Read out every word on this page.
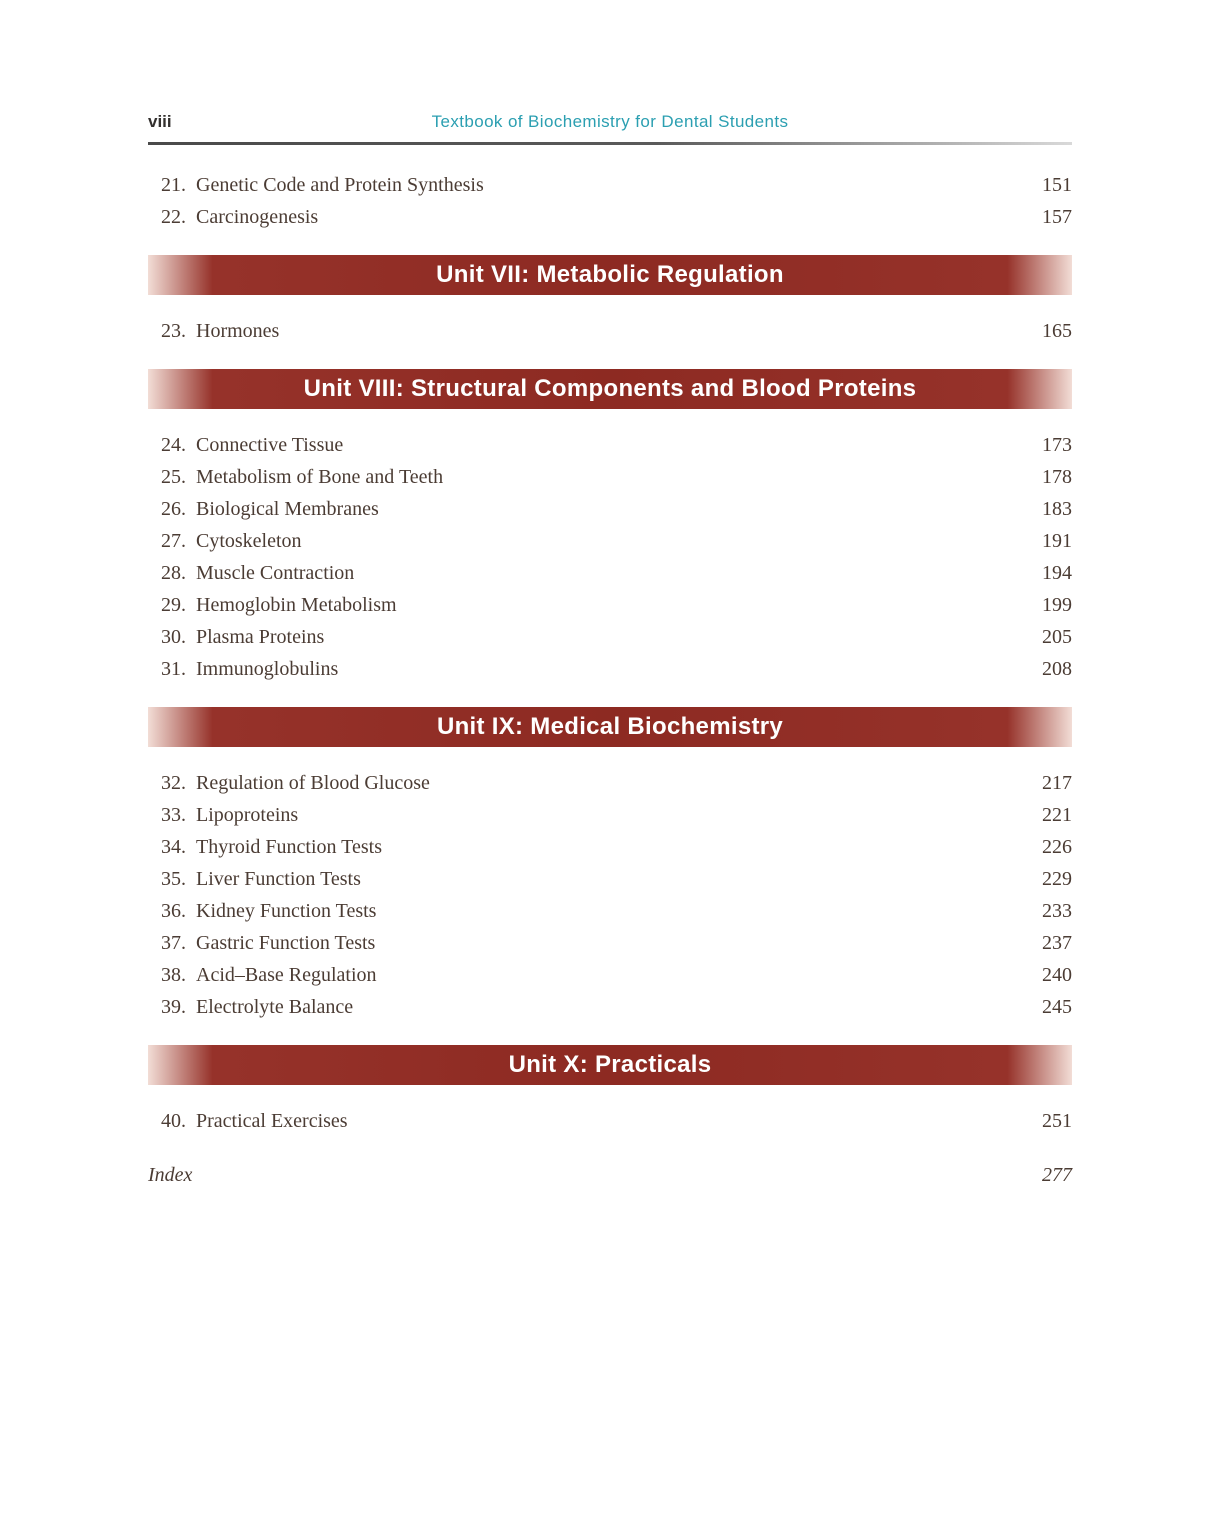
viii	Textbook of Biochemistry for Dental Students
21. Genetic Code and Protein Synthesis	151
22. Carcinogenesis	157
Unit VII: Metabolic Regulation
23. Hormones	165
Unit VIII: Structural Components and Blood Proteins
24. Connective Tissue	173
25. Metabolism of Bone and Teeth	178
26. Biological Membranes	183
27. Cytoskeleton	191
28. Muscle Contraction	194
29. Hemoglobin Metabolism	199
30. Plasma Proteins	205
31. Immunoglobulins	208
Unit IX: Medical Biochemistry
32. Regulation of Blood Glucose	217
33. Lipoproteins	221
34. Thyroid Function Tests	226
35. Liver Function Tests	229
36. Kidney Function Tests	233
37. Gastric Function Tests	237
38. Acid–Base Regulation	240
39. Electrolyte Balance	245
Unit X: Practicals
40. Practical Exercises	251
Index	277
